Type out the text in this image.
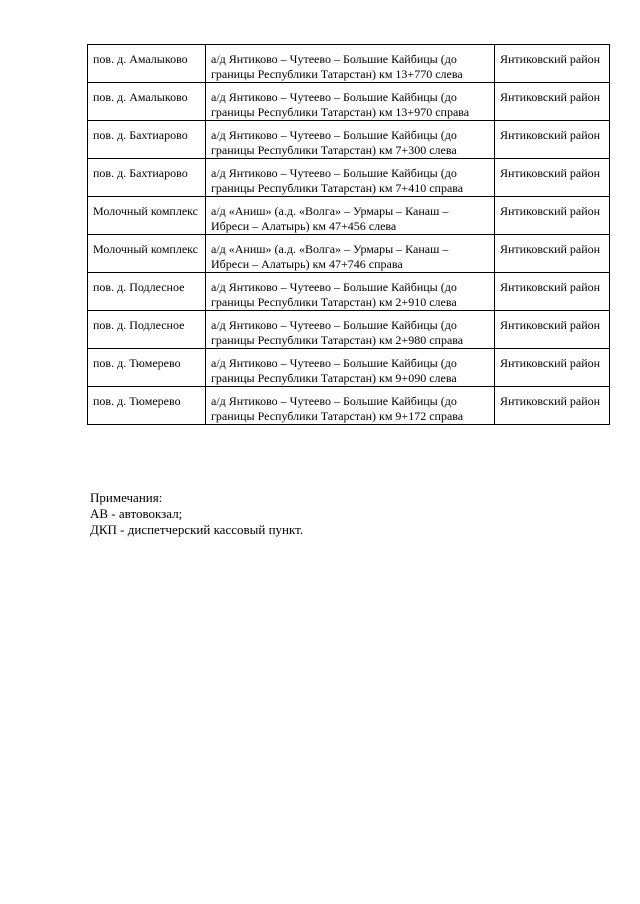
пов. д. Амалыково	а/д Янтиково – Чутеево – Большие Кайбицы (до границы Республики Татарстан) км 13+770 слева	Янтиковский район
пов. д. Амалыково	а/д Янтиково – Чутеево – Большие Кайбицы (до границы Республики Татарстан) км 13+970 справа	Янтиковский район
пов. д. Бахтиарово	а/д Янтиково – Чутеево – Большие Кайбицы (до границы Республики Татарстан) км 7+300 слева	Янтиковский район
пов. д. Бахтиарово	а/д Янтиково – Чутеево – Большие Кайбицы (до границы Республики Татарстан) км 7+410 справа	Янтиковский район
Молочный комплекс	а/д «Аниш» (а.д. «Волга» – Урмары – Канаш – Ибреси – Алатырь) км 47+456 слева	Янтиковский район
Молочный комплекс	а/д «Аниш» (а.д. «Волга» – Урмары – Канаш – Ибреси – Алатырь) км 47+746 справа	Янтиковский район
пов. д. Подлесное	а/д Янтиково – Чутеево – Большие Кайбицы (до границы Республики Татарстан) км 2+910 слева	Янтиковский район
пов. д. Подлесное	а/д Янтиково – Чутеево – Большие Кайбицы (до границы Республики Татарстан) км 2+980 справа	Янтиковский район
пов. д. Тюмерево	а/д Янтиково – Чутеево – Большие Кайбицы (до границы Республики Татарстан) км 9+090 слева	Янтиковский район
пов. д. Тюмерево	а/д Янтиково – Чутеево – Большие Кайбицы (до границы Республики Татарстан) км 9+172 справа	Янтиковский район
Примечания:
АВ - автовокзал;
ДКП - диспетчерский кассовый пункт.
